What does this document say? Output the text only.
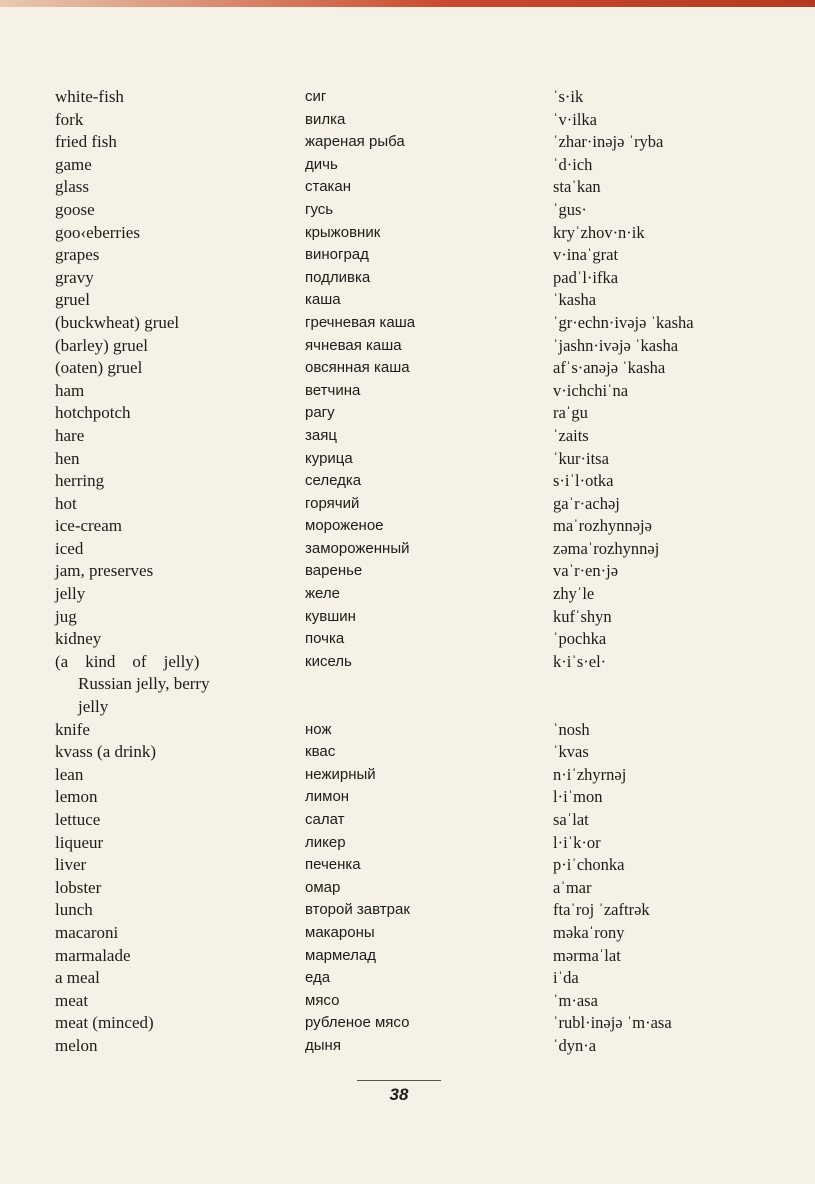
white-fish	сиг	ˈs·ik
fork	вилка	ˈv·ilka
fried fish	жареная рыба	ˈzhar·inəjə ˈryba
game	дичь	ˈd·ich
glass	стакан	staˈkan
goose	гусь	ˈgus·
goo‹eberries	крыжовник	kryˈzhov·n·ik
grapes	виноград	v·inaˈgrat
gravy	подливка	padˈl·ifka
gruel	каша	ˈkasha
(buckwheat) gruel	гречневая каша	ˈgr·echn·ivəjə ˈkasha
(barley) gruel	ячневая каша	ˈjashn·ivəjə ˈkasha
(oaten) gruel	овсянная каша	afˈs·anəjə ˈkasha
ham	ветчина	v·ichchiˈna
hotchpotch	рагу	raˈgu
hare	заяц	ˈzaits
hen	курица	ˈkur·itsa
herring	селедка	s·iˈl·otka
hot	горячий	gaˈr·achəj
ice-cream	мороженое	maˈrozhynnəjə
iced	замороженный	zəmaˈrozhynnəj
jam, preserves	варенье	vaˈr·en·jə
jelly	желе	zhyˈle
jug	кувшин	kufˈshyn
kidney	почка	ˈpochka
(a    kind    of    jelly)	кисель	k·iˈs·el·
Russian jelly, berry
jelly
knife	нож	ˈnosh
kvass (a drink)	квас	ˈkvas
lean	нежирный	n·iˈzhyrnəj
lemon	лимон	l·iˈmon
lettuce	салат	saˈlat
liqueur	ликер	l·iˈk·or
liver	печенка	p·iˈchonka
lobster	омар	aˈmar
lunch	второй завтрак	ftaˈroj ˈzaftrək
macaroni	макароны	məkaˈrony
marmalade	мармелад	mərmaˈlat
a meal	еда	iˈda
meat	мясо	ˈm·asa
meat (minced)	рубленое мясо	ˈrubl·inəjə ˈm·asa
melon	дыня	ˈdyn·a
38
